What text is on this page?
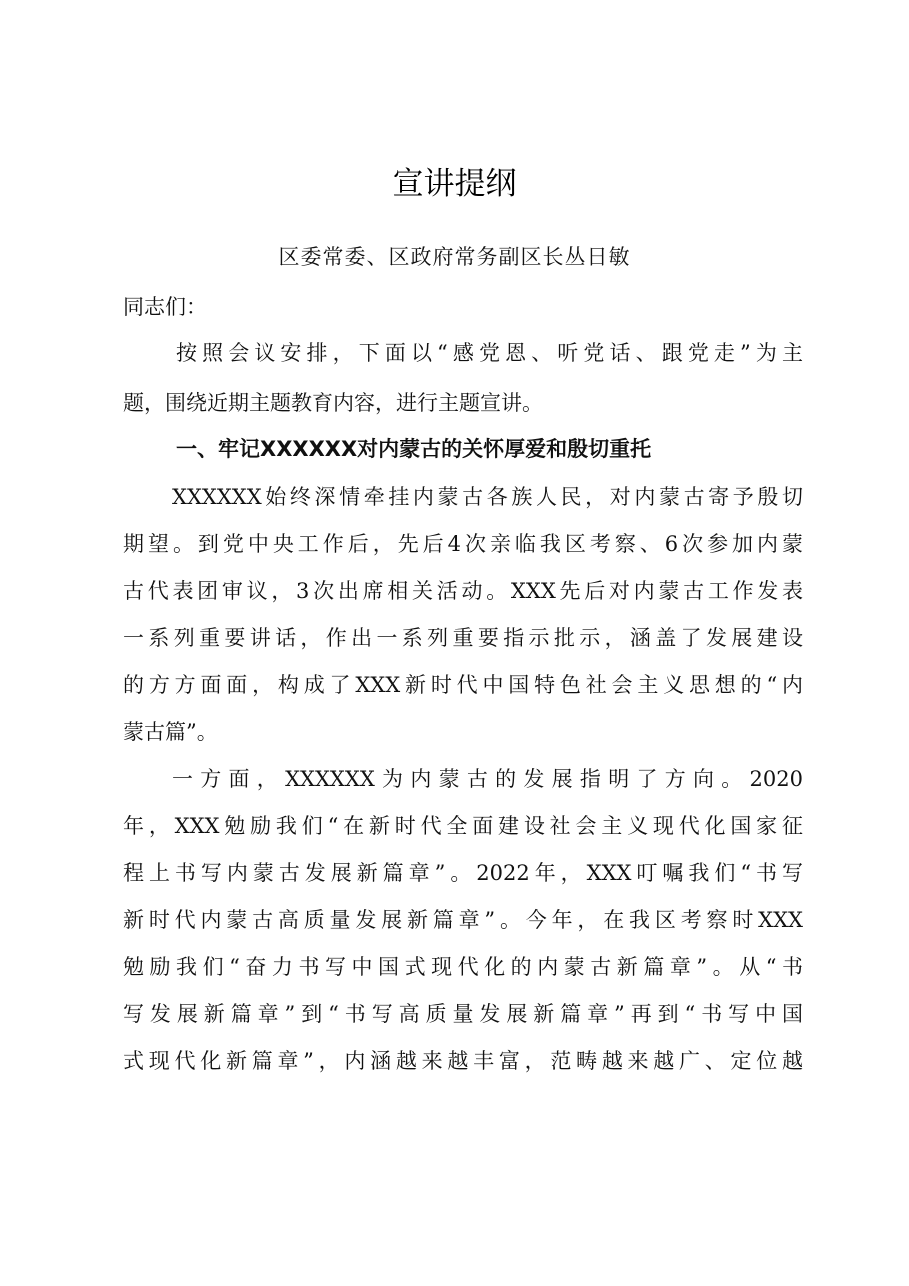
宣讲提纲
区委常委、区政府常务副区长丛日敏
同志们：
按照会议安排，下面以“感党恩、听党话、跟党走”为主
题，围绕近期主题教育内容，进行主题宣讲。
一、牢记XXXXXX对内蒙古的关怀厚爱和殷切重托
XXXXXX始终深情牵挂内蒙古各族人民，对内蒙古寄予殷切
期望。到党中央工作后，先后4次亲临我区考察、6次参加内蒙
古代表团审议，3次出席相关活动。XXX先后对内蒙古工作发表
一系列重要讲话，作出一系列重要指示批示，涵盖了发展建设
的方方面面，构成了XXX新时代中国特色社会主义思想的“内
蒙古篇”。
一方面，XXXXXX为内蒙古的发展指明了方向。2020
年，XXX勉励我们“在新时代全面建设社会主义现代化国家征
程上书写内蒙古发展新篇章”。2022年，XXX叮嘱我们“书写
新时代内蒙古高质量发展新篇章”。今年，在我区考察时XXX
勉励我们“奋力书写中国式现代化的内蒙古新篇章”。从“书
写发展新篇章”到“书写高质量发展新篇章”再到“书写中国
式现代化新篇章”，内涵越来越丰富，范畴越来越广、定位越
